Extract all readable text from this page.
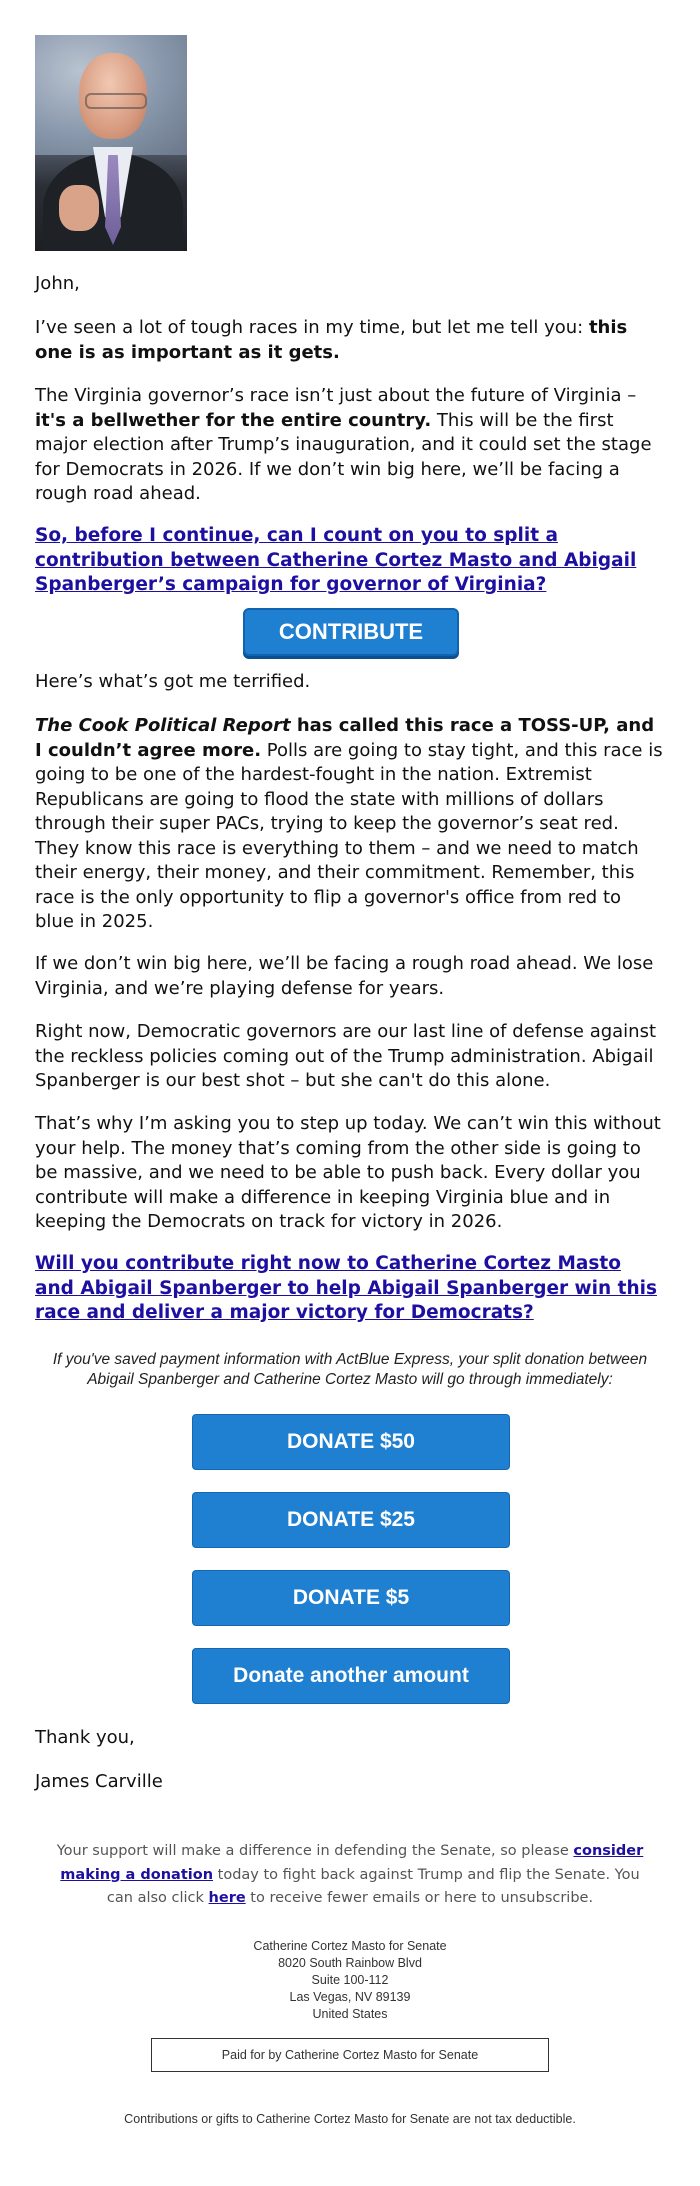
John,

I’ve seen a lot of tough races in my time, but let me tell you: this one is as important as it gets.

The Virginia governor’s race isn’t just about the future of Virginia – it's a bellwether for the entire country. This will be the first major election after Trump’s inauguration, and it could set the stage for Democrats in 2026. If we don’t win big here, we’ll be facing a rough road ahead.

So, before I continue, can I count on you to split a contribution between Catherine Cortez Masto and Abigail Spanberger’s campaign for governor of Virginia?
CONTRIBUTE
Here’s what’s got me terrified.

The Cook Political Report has called this race a TOSS-UP, and I couldn’t agree more. Polls are going to stay tight, and this race is going to be one of the hardest-fought in the nation. Extremist Republicans are going to flood the state with millions of dollars through their super PACs, trying to keep the governor’s seat red. They know this race is everything to them – and we need to match their energy, their money, and their commitment. Remember, this race is the only opportunity to flip a governor's office from red to blue in 2025.

If we don’t win big here, we’ll be facing a rough road ahead. We lose Virginia, and we’re playing defense for years.
Right now, Democratic governors are our last line of defense against the reckless policies coming out of the Trump administration. Abigail Spanberger is our best shot – but she can't do this alone.
That’s why I’m asking you to step up today. We can’t win this without your help. The money that’s coming from the other side is going to be massive, and we need to be able to push back. Every dollar you contribute will make a difference in keeping Virginia blue and in keeping the Democrats on track for victory in 2026.
Will you contribute right now to Catherine Cortez Masto and Abigail Spanberger to help Abigail Spanberger win this race and deliver a major victory for Democrats?
If you've saved payment information with ActBlue Express, your split donation between Abigail Spanberger and Catherine Cortez Masto will go through immediately:
DONATE $50
DONATE $25
DONATE $5
Donate another amount
Thank you,
James Carville
Your support will make a difference in defending the Senate, so please consider making a donation today to fight back against Trump and flip the Senate. You can also click here to receive fewer emails or here to unsubscribe.
Catherine Cortez Masto for Senate
8020 South Rainbow Blvd
Suite 100-112
Las Vegas, NV 89139
United States
Paid for by Catherine Cortez Masto for Senate
Contributions or gifts to Catherine Cortez Masto for Senate are not tax deductible.
